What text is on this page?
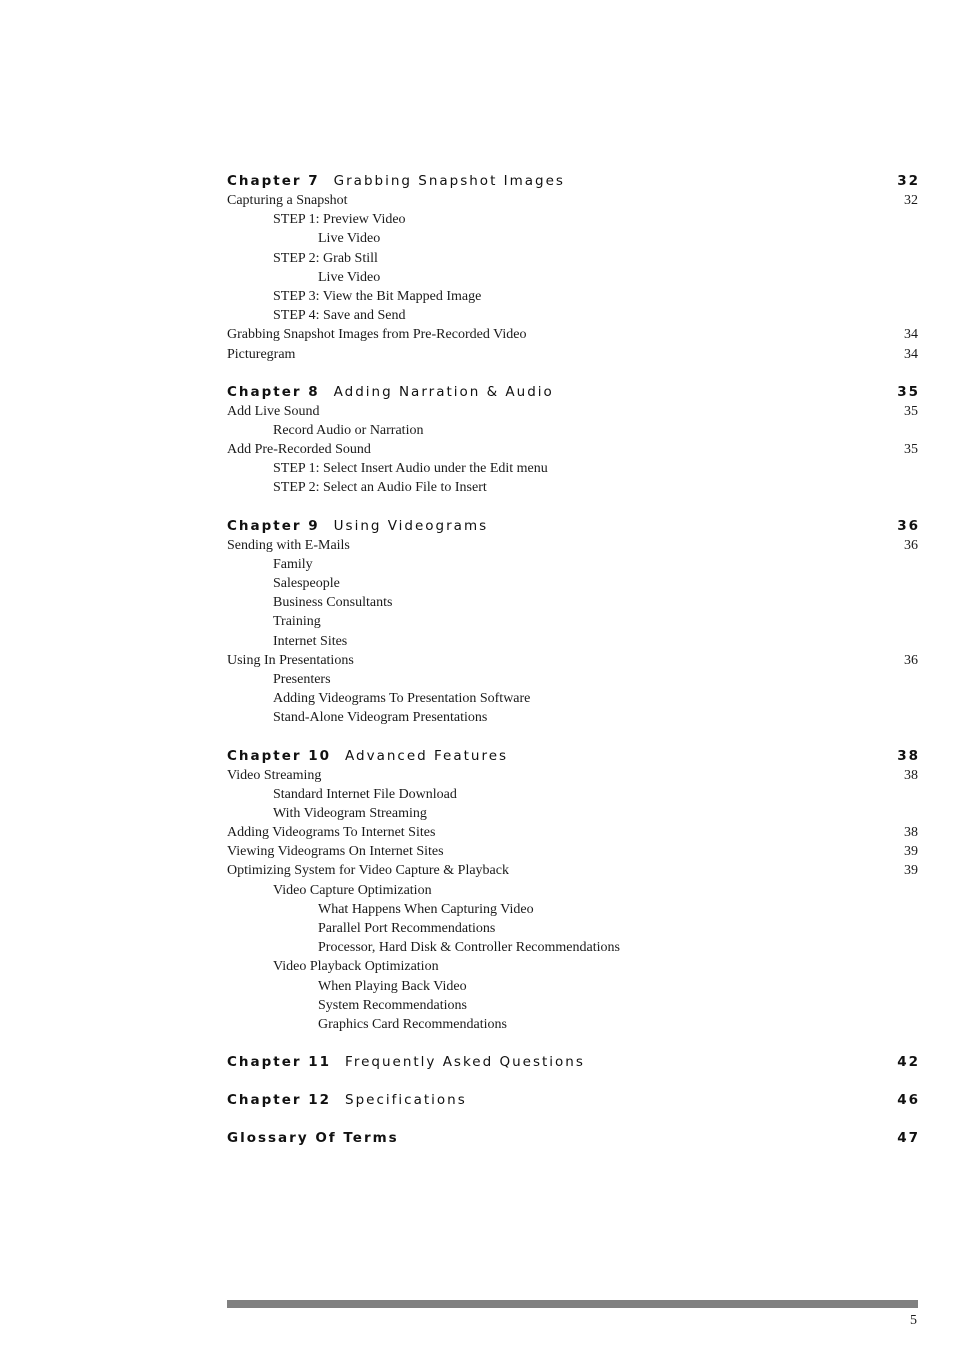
Chapter 7 Grabbing Snapshot Images	32
Capturing a Snapshot	32
STEP 1: Preview Video
Live Video
STEP 2: Grab Still
Live Video
STEP 3: View the Bit Mapped Image
STEP 4: Save and Send
Grabbing Snapshot Images from Pre-Recorded Video	34
Picturegram	34
Chapter 8 Adding Narration & Audio	35
Add Live Sound	35
Record Audio or Narration
Add Pre-Recorded Sound	35
STEP 1: Select Insert Audio under the Edit menu
STEP 2: Select an Audio File to Insert
Chapter 9 Using Videograms	36
Sending with E-Mails	36
Family
Salespeople
Business Consultants
Training
Internet Sites
Using In Presentations	36
Presenters
Adding Videograms To Presentation Software
Stand-Alone Videogram Presentations
Chapter 10 Advanced Features	38
Video Streaming	38
Standard Internet File Download
With Videogram Streaming
Adding Videograms To Internet Sites	38
Viewing Videograms On Internet Sites	39
Optimizing System for Video Capture & Playback	39
Video Capture Optimization
What Happens When Capturing Video
Parallel Port Recommendations
Processor, Hard Disk & Controller Recommendations
Video Playback Optimization
When Playing Back Video
System Recommendations
Graphics Card Recommendations
Chapter 11 Frequently Asked Questions	42
Chapter 12 Specifications	46
Glossary Of Terms	47
5
